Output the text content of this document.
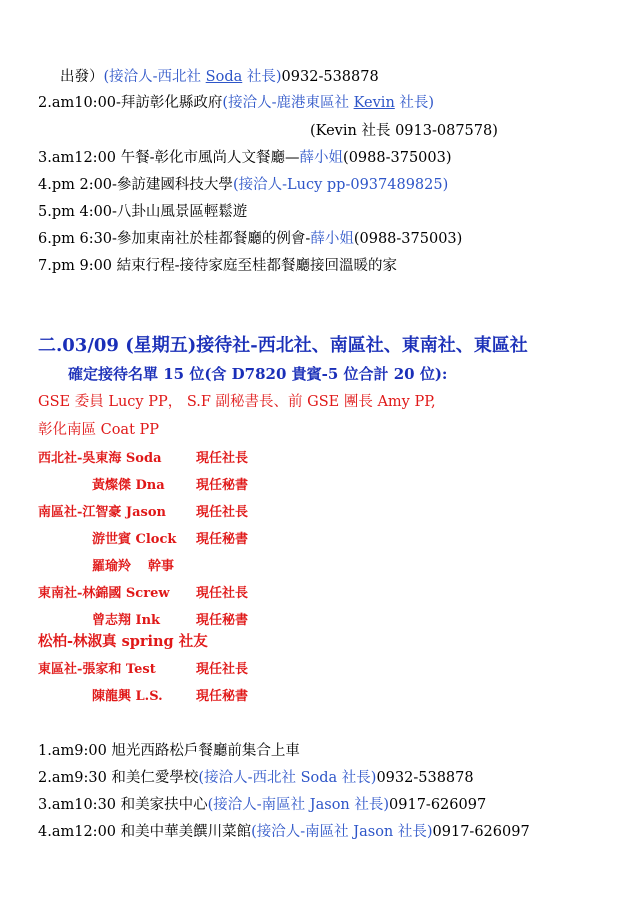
出發）(接洽人-西北社 Soda 社長)0932-538878
2.am10:00-拜訪彰化縣政府(接洽人-鹿港東區社 Kevin 社長)
(Kevin 社長 0913-087578)
3.am12:00 午餐-彰化市風尚人文餐廳—薛小姐(0988-375003)
4.pm 2:00-參訪建國科技大學(接洽人-Lucy pp-0937489825)
5.pm 4:00-八卦山風景區輕鬆遊
6.pm 6:30-參加東南社於桂都餐廳的例會-薛小姐(0988-375003)
7.pm 9:00 結束行程-接待家庭至桂都餐廳接回溫暖的家
二.03/09 (星期五)接待社-西北社、南區社、東南社、東區社
確定接待名單 15 位(含 D7820 貴賓-5 位合計 20 位):
GSE 委員 Lucy PP， S.F 副秘書長、前 GSE 團長 Amy PP,
彰化南區 Coat PP
西北社-吳東海 Soda	現任社長
黃燦傑 Dna 現任秘書
南區社-江智豪 Jason 現任社長
游世賓 Clock 現任秘書
羅瑜羚 幹事
東南社-林錦國 Screw 現任社長
曾志翔 Ink	現任秘書
松柏-林淑真 spring 社友
東區社-張家和 Test	現任社長
陳龍興 L.S.	現任秘書
1.am9:00 旭光西路松戶餐廳前集合上車
2.am9:30 和美仁愛學校(接洽人-西北社 Soda 社長)0932-538878
3.am10:30 和美家扶中心(接洽人-南區社 Jason 社長)0917-626097
4.am12:00 和美中華美饌川菜館(接洽人-南區社 Jason 社長)0917-626097
